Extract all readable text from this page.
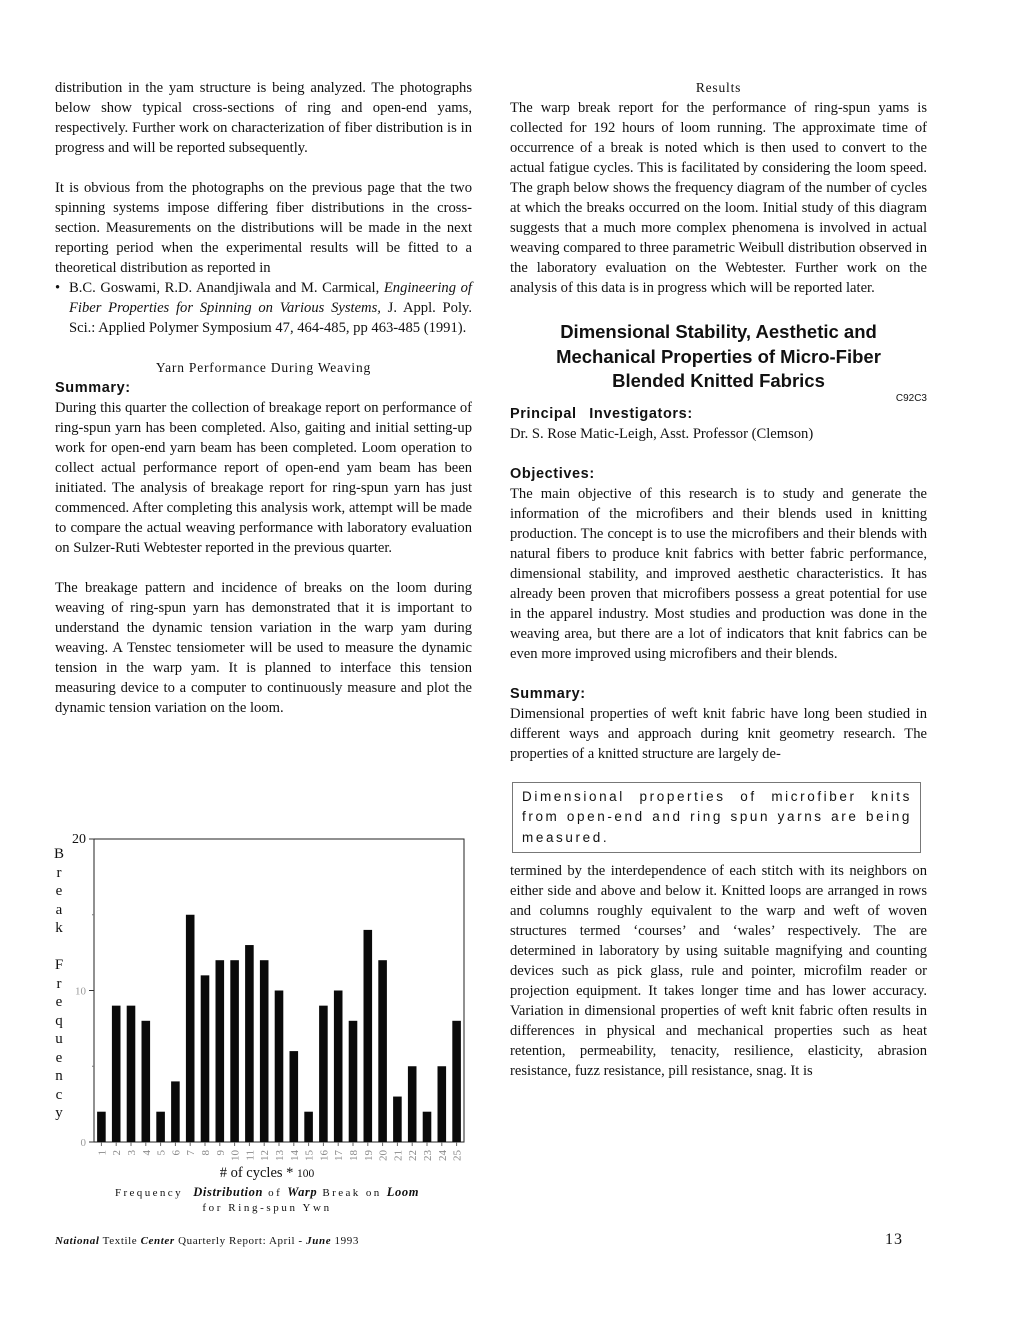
distribution in the yam structure is being analyzed. The photographs below show typical cross-sections of ring and open-end yams, respectively. Further work on characterization of fiber distribution is in progress and will be reported subsequently.

It is obvious from the photographs on the previous page that the two spinning systems impose differing fiber distributions in the cross-section. Measurements on the distributions will be made in the next reporting period when the experimental results will be fitted to a theoretical distribution as reported in

• B.C. Goswami, R.D. Anandjiwala and M. Carmical, Engineering of Fiber Properties for Spinning on Various Systems, J. Appl. Poly. Sci.: Applied Polymer Symposium 47, 464-485, pp 463-485 (1991).

Yarn Performance During Weaving

Summary:

During this quarter the collection of breakage report on performance of ring-spun yarn has been completed. Also, gaiting and initial setting-up work for open-end yarn beam has been completed. Loom operation to collect actual performance report of open-end yam beam has been initiated. The analysis of breakage report for ring-spun yarn has just commenced. After completing this analysis work, attempt will be made to compare the actual weaving performance with laboratory evaluation on Sulzer-Ruti Webtester reported in the previous quarter.

The breakage pattern and incidence of breaks on the loom during weaving of ring-spun yarn has demonstrated that it is important to understand the dynamic tension variation in the warp yam during weaving. A Tenstec tensiometer will be used to measure the dynamic tension in the warp yam. It is planned to interface this tension measuring device to a computer to continuously measure and plot the dynamic tension variation on the loom.

B
r
e
a
k

F
r
e
q
u
e
n
c
y
0
10
20
1 2 3 4 5 6 7 8 9 10 11 12 13 14 15 16 17 18 19 20 21 22 23 24 25
# of cycles * 100
Frequency Distribution of Warp Break on Loom
for Ring-spun Ywn

Results

The warp break report for the performance of ring-spun yams is collected for 192 hours of loom running. The approximate time of occurrence of a break is noted which is then used to convert to the actual fatigue cycles. This is facilitated by considering the loom speed. The graph below shows the frequency diagram of the number of cycles at which the breaks occurred on the loom. Initial study of this diagram suggests that a much more complex phenomena is involved in actual weaving compared to three parametric Weibull distribution observed in the laboratory evaluation on the Webtester. Further work on the analysis of this data is in progress which will be reported later.

Dimensional Stability, Aesthetic and

Mechanical Properties of Micro-Fiber

Blended Knitted Fabrics

C92C3

Principal Investigators:

Dr. S. Rose Matic-Leigh, Asst. Professor (Clemson)

Objectives:

The main objective of this research is to study and generate the information of the microfibers and their blends used in knitting production. The concept is to use the microfibers and their blends with natural fibers to produce knit fabrics with better fabric performance, dimensional stability, and improved aesthetic characteristics. It has already been proven that microfibers possess a great potential for use in the apparel industry. Most studies and production was done in the weaving area, but there are a lot of indicators that knit fabrics can be even more improved using microfibers and their blends.

Summary:

Dimensional properties of weft knit fabric have long been studied in different ways and approach during knit geometry research. The properties of a knitted structure are largely de-

Dimensional properties of microfiber knits from open-end and ring spun yarns are being measured.

termined by the interdependence of each stitch with its neighbors on either side and above and below it. Knitted loops are arranged in rows and columns roughly equivalent to the warp and weft of woven structures termed ‘courses’ and ‘wales’ respectively. The are determined in laboratory by using suitable magnifying and counting devices such as pick glass, rule and pointer, microfilm reader or projection equipment. It takes longer time and has lower accuracy. Variation in dimensional properties of weft knit fabric often results in differences in physical and mechanical properties such as heat retention, permeability, tenacity, resilience, elasticity, abrasion resistance, fuzz resistance, pill resistance, snag. It is

National Textile Center Quarterly Report: April - June 1993	13
